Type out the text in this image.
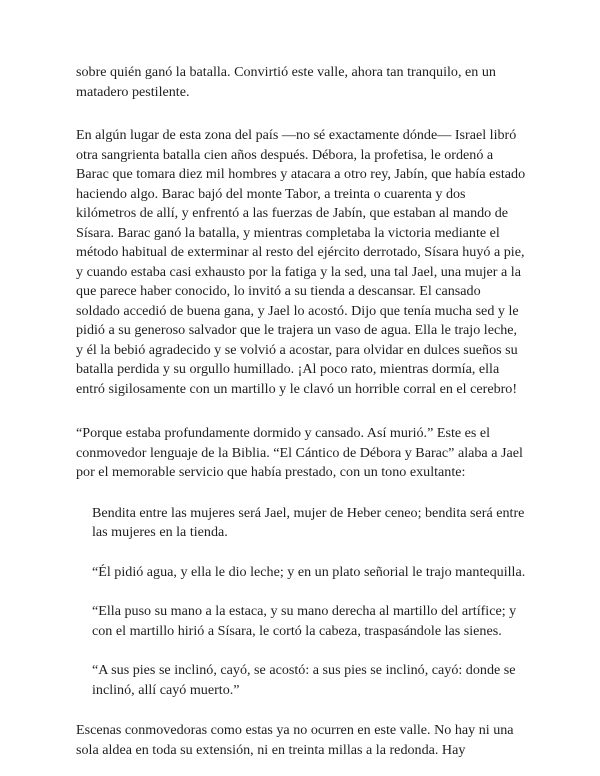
sobre quién ganó la batalla. Convirtió este valle, ahora tan tranquilo, en un matadero pestilente.

En algún lugar de esta zona del país —no sé exactamente dónde— Israel libró otra sangrienta batalla cien años después. Débora, la profetisa, le ordenó a Barac que tomara diez mil hombres y atacara a otro rey, Jabín, que había estado haciendo algo. Barac bajó del monte Tabor, a treinta o cuarenta y dos kilómetros de allí, y enfrentó a las fuerzas de Jabín, que estaban al mando de Sísara. Barac ganó la batalla, y mientras completaba la victoria mediante el método habitual de exterminar al resto del ejército derrotado, Sísara huyó a pie, y cuando estaba casi exhausto por la fatiga y la sed, una tal Jael, una mujer a la que parece haber conocido, lo invitó a su tienda a descansar. El cansado soldado accedió de buena gana, y Jael lo acostó. Dijo que tenía mucha sed y le pidió a su generoso salvador que le trajera un vaso de agua. Ella le trajo leche, y él la bebió agradecido y se volvió a acostar, para olvidar en dulces sueños su batalla perdida y su orgullo humillado. ¡Al poco rato, mientras dormía, ella entró sigilosamente con un martillo y le clavó un horrible corral en el cerebro!

“Porque estaba profundamente dormido y cansado. Así murió.” Este es el conmovedor lenguaje de la Biblia. “El Cántico de Débora y Barac” alaba a Jael por el memorable servicio que había prestado, con un tono exultante:

Bendita entre las mujeres será Jael, mujer de Heber ceneo; bendita será entre las mujeres en la tienda.

“Él pidió agua, y ella le dio leche; y en un plato señorial le trajo mantequilla.

“Ella puso su mano a la estaca, y su mano derecha al martillo del artífice; y con el martillo hirió a Sísara, le cortó la cabeza, traspasándole las sienes.

“A sus pies se inclinó, cayó, se acostó: a sus pies se inclinó, cayó: donde se inclinó, allí cayó muerto.”

Escenas conmovedoras como estas ya no ocurren en este valle. No hay ni una sola aldea en toda su extensión, ni en treinta millas a la redonda. Hay
